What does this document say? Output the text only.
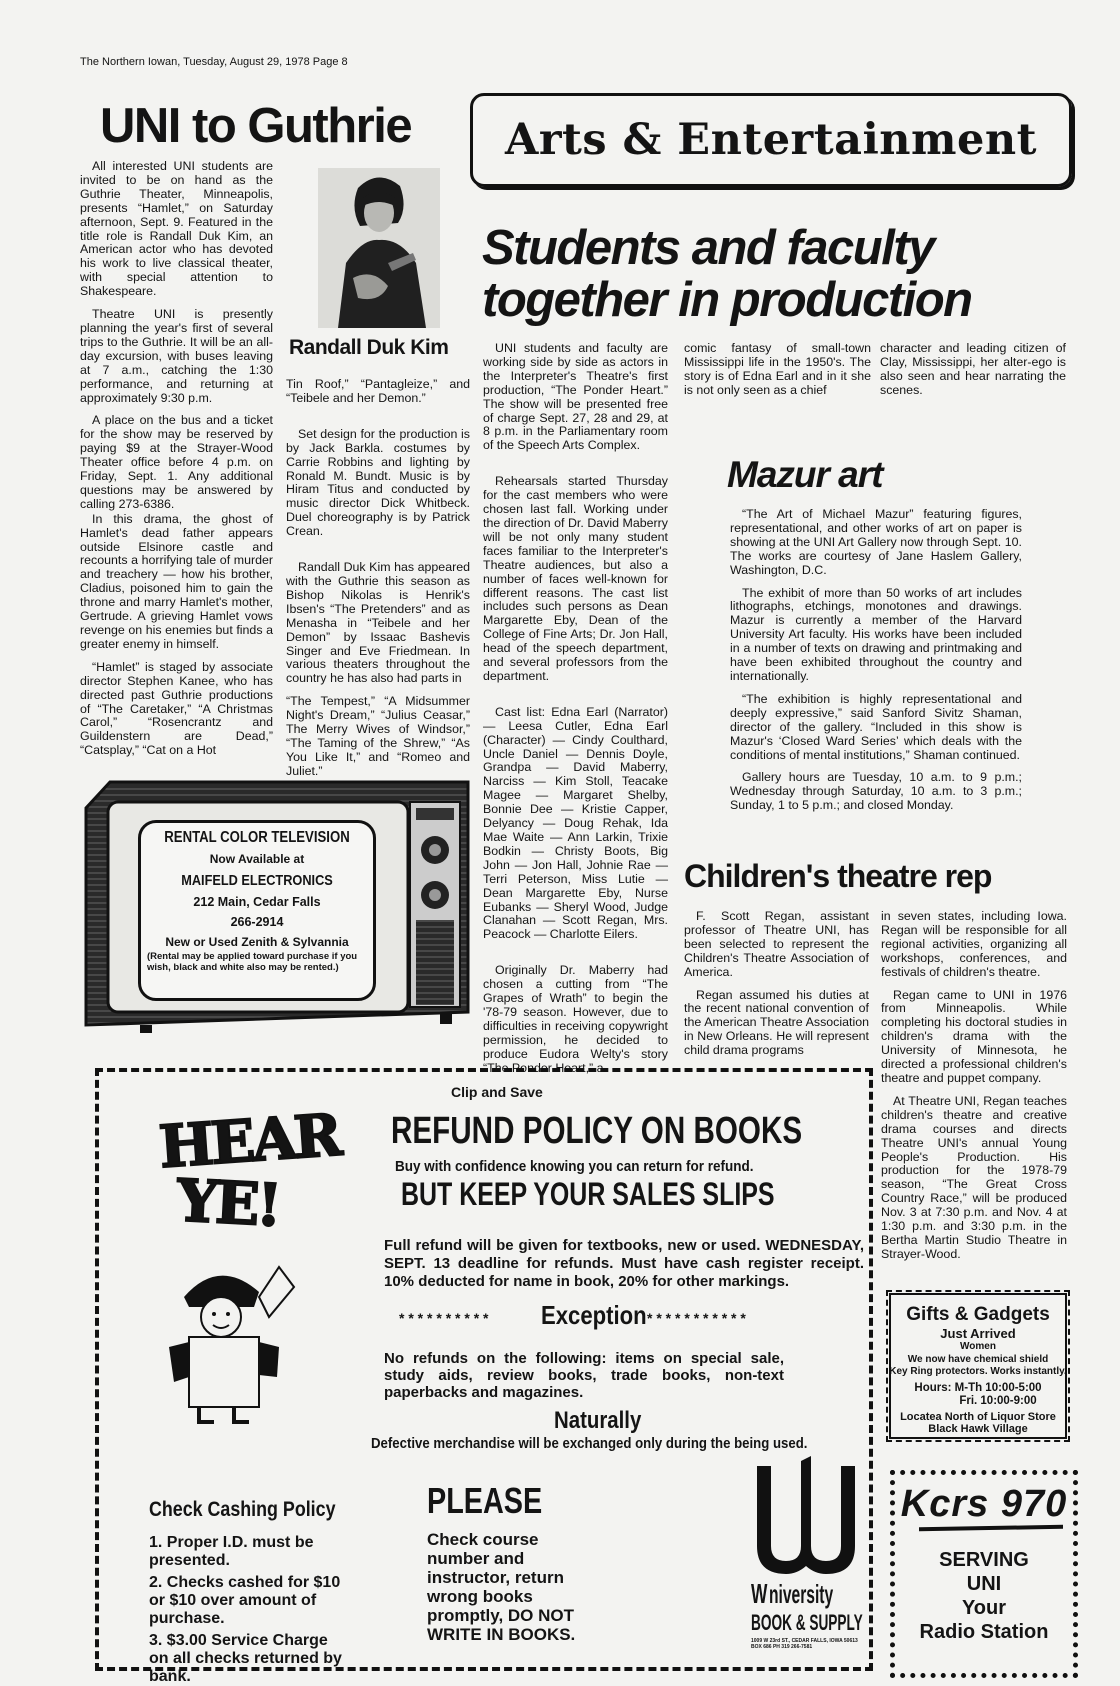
The Northern Iowan, Tuesday, August 29, 1978 Page 8
UNI to Guthrie

All interested UNI students are invited to be on hand as the Guthrie Theater, Minneapolis, presents “Hamlet,” on Saturday afternoon, Sept. 9. Featured in the title role is Randall Duk Kim, an American actor who has devoted his work to live classical theater, with special attention to Shakespeare.

Theatre UNI is presently planning the year's first of several trips to the Guthrie. It will be an all-day excursion, with buses leaving at 7 a.m., catching the 1:30 performance, and returning at approximately 9:30 p.m.

A place on the bus and a ticket for the show may be reserved by paying $9 at the Strayer-Wood Theater office before 4 p.m. on Friday, Sept. 1. Any additional questions may be answered by calling 273-6386.

In this drama, the ghost of Hamlet's dead father appears outside Elsinore castle and recounts a horrifying tale of murder and treachery — how his brother, Cladius, poisoned him to gain the throne and marry Hamlet's mother, Gertrude. A grieving Hamlet vows revenge on his enemies but finds a greater enemy in himself.

“Hamlet” is staged by associate director Stephen Kanee, who has directed past Guthrie productions of “The Caretaker,” “A Christmas Carol,” “Rosencrantz and Guildenstern are Dead,” “Catsplay,” “Cat on a Hot

Randall Duk Kim

Tin Roof,” “Pantagleize,” and “Teibele and her Demon.”

Set design for the production is by Jack Barkla. costumes by Carrie Robbins and lighting by Ronald M. Bundt. Music is by Hiram Titus and conducted by music director Dick Whitbeck. Duel choreography is by Patrick Crean.

Randall Duk Kim has appeared with the Guthrie this season as Bishop Nikolas is Henrik's Ibsen's “The Pretenders” and as Menasha in “Teibele and her Demon” by Issaac Bashevis Singer and Eve Friedmean. In various theaters throughout the country he has also had parts in

“The Tempest,” “A Midsummer Night's Dream,” “Julius Ceasar,” The Merry Wives of Windsor,” “The Taming of the Shrew,” “As You Like It,” and “Romeo and Juliet.”

Arts & Entertainment
Students and faculty together in production

UNI students and faculty are working side by side as actors in the Interpreter's Theatre's first production, “The Ponder Heart.” The show will be presented free of charge Sept. 27, 28 and 29, at 8 p.m. in the Parliamentary room of the Speech Arts Complex.

Rehearsals started Thursday for the cast members who were chosen last fall. Working under the direction of Dr. David Maberry will be not only many student faces familiar to the Interpreter's Theatre audiences, but also a number of faces well-known for different reasons. The cast list includes such persons as Dean Margarette Eby, Dean of the College of Fine Arts; Dr. Jon Hall, head of the speech department, and several professors from the department.

Cast list: Edna Earl (Narrator) — Leesa Cutler, Edna Earl (Character) — Cindy Coulthard, Uncle Daniel — Dennis Doyle, Grandpa — David Maberry, Narciss — Kim Stoll, Teacake Magee — Margaret Shelby, Bonnie Dee — Kristie Capper, Delyancy — Doug Rehak, Ida Mae Waite — Ann Larkin, Trixie Bodkin — Christy Boots, Big John — Jon Hall, Johnie Rae — Terri Peterson, Miss Lutie — Dean Margarette Eby, Nurse Eubanks — Sheryl Wood, Judge Clanahan — Scott Regan, Mrs. Peacock — Charlotte Eilers.

Originally Dr. Maberry had chosen a cutting from “The Grapes of Wrath” to begin the '78-79 season. However, due to difficulties in receiving copywright permission, he decided to produce Eudora Welty's story “The Ponder Heart,” a

comic fantasy of small-town Mississippi life in the 1950's. The story is of Edna Earl and in it she is not only seen as a chief

character and leading citizen of Clay, Mississippi, her alter-ego is also seen and hear narrating the scenes.

Mazur art

“The Art of Michael Mazur” featuring figures, representational, and other works of art on paper is showing at the UNI Art Gallery now through Sept. 10. The works are courtesy of Jane Haslem Gallery, Washington, D.C.

The exhibit of more than 50 works of art includes lithographs, etchings, monotones and drawings. Mazur is currently a member of the Harvard University Art faculty. His works have been included in a number of texts on drawing and printmaking and have been exhibited throughout the country and internationally.

“The exhibition is highly representational and deeply expressive,” said Sanford Sivitz Shaman, director of the gallery. “Included in this show is Mazur's ‘Closed Ward Series’ which deals with the conditions of mental institutions,” Shaman continued.

Gallery hours are Tuesday, 10 a.m. to 9 p.m.; Wednesday through Saturday, 10 a.m. to 3 p.m.; Sunday, 1 to 5 p.m.; and closed Monday.

Children's theatre rep

F. Scott Regan, assistant professor of Theatre UNI, has been selected to represent the Children's Theatre Association of America.

Regan assumed his duties at the recent national convention of the American Theatre Association in New Orleans. He will represent child drama programs

in seven states, including Iowa. Regan will be responsible for all regional activities, organizing all workshops, conferences, and festivals of children's theatre.

Regan came to UNI in 1976 from Minneapolis. While completing his doctoral studies in children's drama with the University of Minnesota, he directed a professional children's theatre and puppet company.

At Theatre UNI, Regan teaches children's theatre and creative drama courses and directs Theatre UNI's annual Young People's Production. His production for the 1978-79 season, “The Great Cross Country Race,” will be produced Nov. 3 at 7:30 p.m. and Nov. 4 at 1:30 p.m. and 3:30 p.m. in the Bertha Martin Studio Theatre in Strayer-Wood.

RENTAL COLOR TELEVISION
Now Available at
MAIFELD ELECTRONICS
212 Main, Cedar Falls
266-2914
New or Used Zenith & Sylvannia
(Rental may be applied toward purchase if you wish, black and white also may be rented.)
Clip and Save
HEAR
YE!
REFUND POLICY ON BOOKS
Buy with confidence knowing you can return for refund.
BUT KEEP YOUR SALES SLIPS
Full refund will be given for textbooks, new or used. WEDNESDAY, SEPT. 13 deadline for refunds. Must have cash register receipt. 10% deducted for name in book, 20% for other markings.
* * * * * * * * * * Exception * * * * * * * * * * *
No refunds on the following: items on special sale, study aids, review books, trade books, non-text paperbacks and magazines.
Naturally
Defective merchandise will be exchanged only during the being used.
Check Cashing Policy
1. Proper I.D. must be presented.
2. Checks cashed for $10 or $10 over amount of purchase.
3. $3.00 Service Charge on all checks returned by bank.
PLEASE
Check course number and instructor, return wrong books promptly, DO NOT WRITE IN BOOKS.
Wniversity
BOOK & SUPPLY
1009 W 23rd ST., CEDAR FALLS, IOWA 50613 BOX 686 PH 319 266-7581
Gifts & Gadgets
Just Arrived
Women
We now have chemical shield
Key Ring protectors. Works instantly.
Hours: M-Th 10:00-5:00
Fri. 10:00-9:00
Locatea North of Liquor Store
Black Hawk Village
Kcrs 970
SERVING
UNI
Your
Radio Station
